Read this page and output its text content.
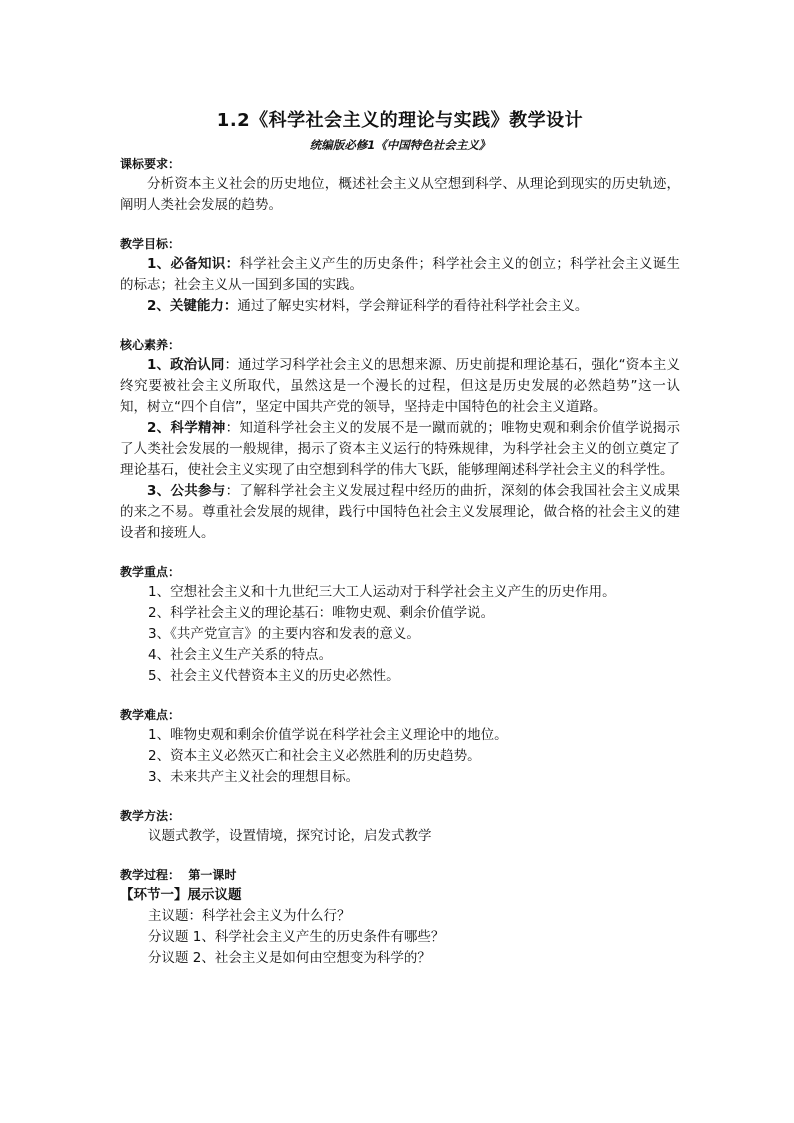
1.2《科学社会主义的理论与实践》教学设计

统编版必修1《中国特色社会主义》

课标要求：

分析资本主义社会的历史地位，概述社会主义从空想到科学、从理论到现实的历史轨迹，阐明人类社会发展的趋势。

教学目标：

1、必备知识：科学社会主义产生的历史条件；科学社会主义的创立；科学社会主义诞生的标志；社会主义从一国到多国的实践。

2、关键能力：通过了解史实材料，学会辩证科学的看待社科学社会主义。

核心素养：

1、政治认同：通过学习科学社会主义的思想来源、历史前提和理论基石，强化“资本主义终究要被社会主义所取代，虽然这是一个漫长的过程，但这是历史发展的必然趋势”这一认知，树立“四个自信”，坚定中国共产党的领导，坚持走中国特色的社会主义道路。

2、科学精神：知道科学社会主义的发展不是一蹴而就的；唯物史观和剩余价值学说揭示了人类社会发展的一般规律，揭示了资本主义运行的特殊规律，为科学社会主义的创立奠定了理论基石，使社会主义实现了由空想到科学的伟大飞跃，能够理阐述科学社会主义的科学性。

3、公共参与：了解科学社会主义发展过程中经历的曲折，深刻的体会我国社会主义成果的来之不易。尊重社会发展的规律，践行中国特色社会主义发展理论，做合格的社会主义的建设者和接班人。

教学重点：

1、空想社会主义和十九世纪三大工人运动对于科学社会主义产生的历史作用。

2、科学社会主义的理论基石：唯物史观、剩余价值学说。

3、《共产党宣言》的主要内容和发表的意义。

4、社会主义生产关系的特点。

5、社会主义代替资本主义的历史必然性。

教学难点：

1、唯物史观和剩余价值学说在科学社会主义理论中的地位。

2、资本主义必然灭亡和社会主义必然胜利的历史趋势。

3、未来共产主义社会的理想目标。

教学方法：

议题式教学，设置情境，探究讨论，启发式教学

教学过程：  第一课时

【环节一】展示议题

主议题：科学社会主义为什么行？

分议题 1、科学社会主义产生的历史条件有哪些？

分议题 2、社会主义是如何由空想变为科学的？
